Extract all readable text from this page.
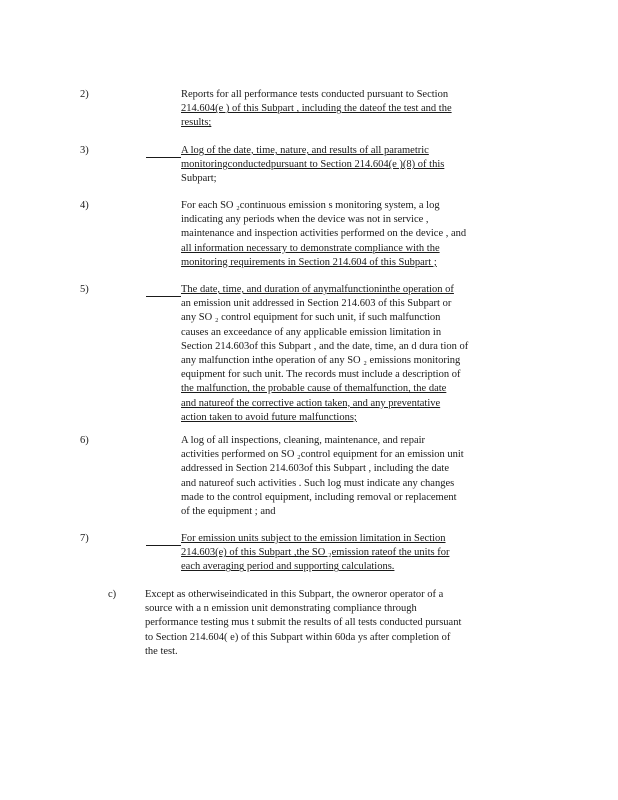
2)	Reports for all performance tests conducted pursuant to Section
214.604(e ) of this Subpart , including the dateof the test and the
results;
3)	A log of the date, time, nature, and results of all parametric
monitoringconductedpursuant to Section 214.604(e )(8) of this
Subpart;
4)	For each SO ₂continuous emission s monitoring system, a log
indicating any periods when the device was not in service ,
maintenance and inspection activities performed on the device , and
all information necessary to demonstrate compliance with the
monitoring requirements in Section 214.604 of this Subpart ;
5)	The date, time, and duration of anymalfunctioninthe operation of
an emission unit addressed in Section 214.603 of this Subpart or
any SO ₂ control equipment for such unit, if such malfunction
causes an exceedance of any applicable emission limitation in
Section 214.603of this Subpart , and the date, time, an d dura tion of
any malfunction inthe operation of any SO ₂ emissions monitoring
equipment for such unit. The records must include a description of
the malfunction, the probable cause of themalfunction, the date
and natureof the corrective action taken, and any preventative
action taken to avoid future malfunctions;
6)	A log of all inspections, cleaning, maintenance, and repair
activities performed on SO ₂control equipment for an emission unit
addressed in Section 214.603of this Subpart , including the date
and natureof such activities . Such log must indicate any changes
made to the control equipment, including removal or replacement
of the equipment ; and
7)	For emission units subject to the emission limitation in Section
214.603(e) of this Subpart ,the SO ₂emission rateof the units for
each averaging period and supporting calculations.
c)	Except as otherwiseindicated in this Subpart, the owneror operator of a
source with a n emission unit demonstrating compliance through
performance testing mus t submit the results of all tests conducted pursuant
to Section 214.604( e) of this Subpart within 60da ys after completion of
the test.
